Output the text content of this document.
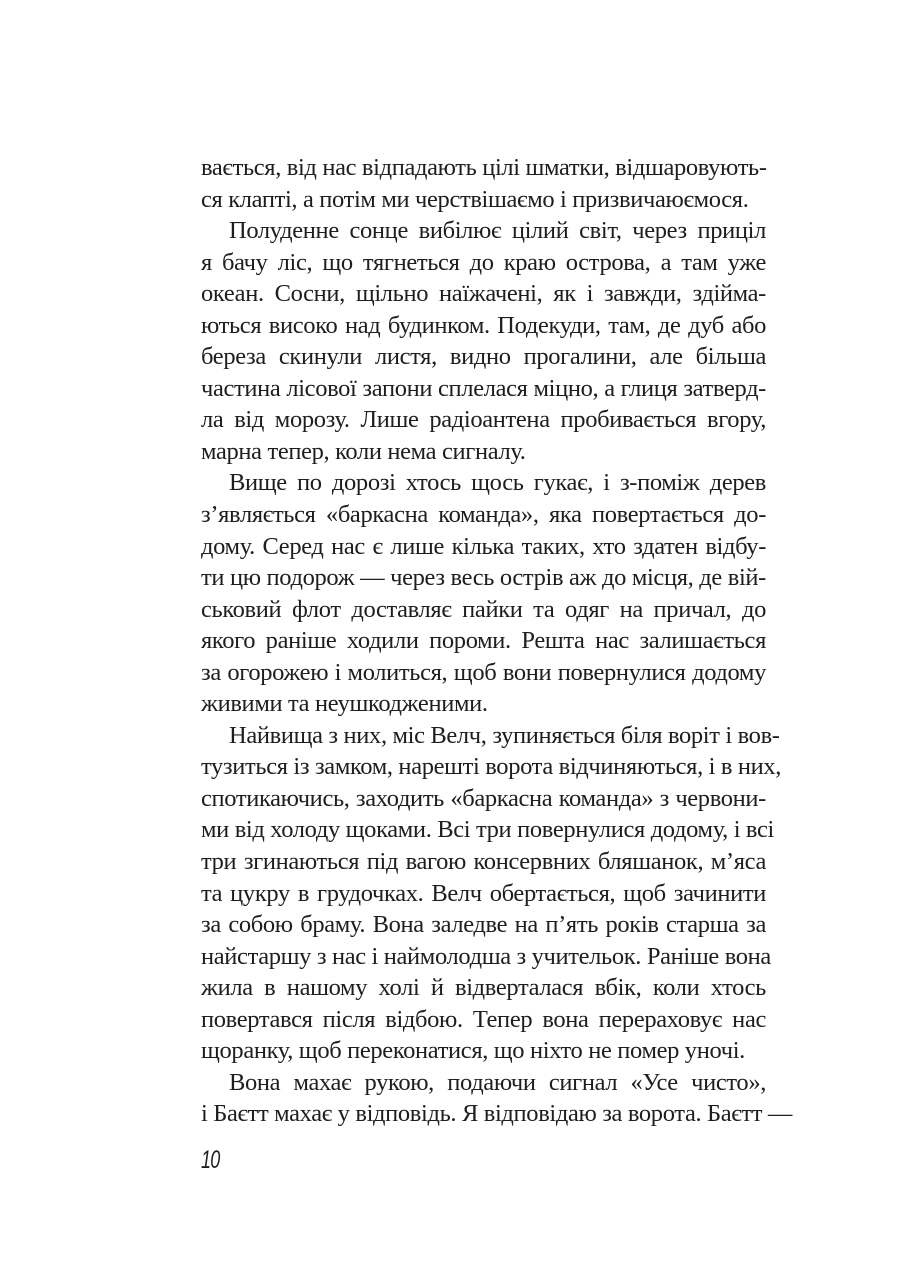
вається, від нас відпадають цілі шматки, відшаровують-
ся клапті, а потім ми черствішаємо і призвичаюємося.
Полуденне сонце вибілює цілий світ, через приціл
я бачу ліс, що тягнеться до краю острова, а там уже
океан. Сосни, щільно наїжачені, як і завжди, здійма-
ються високо над будинком. Подекуди, там, де дуб або
береза скинули листя, видно прогалини, але більша
частина лісової запони сплелася міцно, а глиця затверд-
ла від морозу. Лише радіоантена пробивається вгору,
марна тепер, коли нема сигналу.
Вище по дорозі хтось щось гукає, і з-поміж дерев
з’являється «баркасна команда», яка повертається до-
дому. Серед нас є лише кілька таких, хто здатен відбу-
ти цю подорож — через весь острів аж до місця, де вій-
ськовий флот доставляє пайки та одяг на причал, до
якого раніше ходили пороми. Решта нас залишається
за огорожею і молиться, щоб вони повернулися додому
живими та неушкодженими.
Найвища з них, міс Велч, зупиняється біля воріт і вов-
тузиться із замком, нарешті ворота відчиняються, і в них,
спотикаючись, заходить «баркасна команда» з червони-
ми від холоду щоками. Всі три повернулися додому, і всі
три згинаються під вагою консервних бляшанок, м’яса
та цукру в грудочках. Велч обертається, щоб зачинити
за собою браму. Вона заледве на п’ять років старша за
найстаршу з нас і наймолодша з учительок. Раніше вона
жила в нашому холі й відверталася вбік, коли хтось
повертався після відбою. Тепер вона перераховує нас
щоранку, щоб переконатися, що ніхто не помер уночі.
Вона махає рукою, подаючи сигнал «Усе чисто»,
і Баєтт махає у відповідь. Я відповідаю за ворота. Баєтт —
10
